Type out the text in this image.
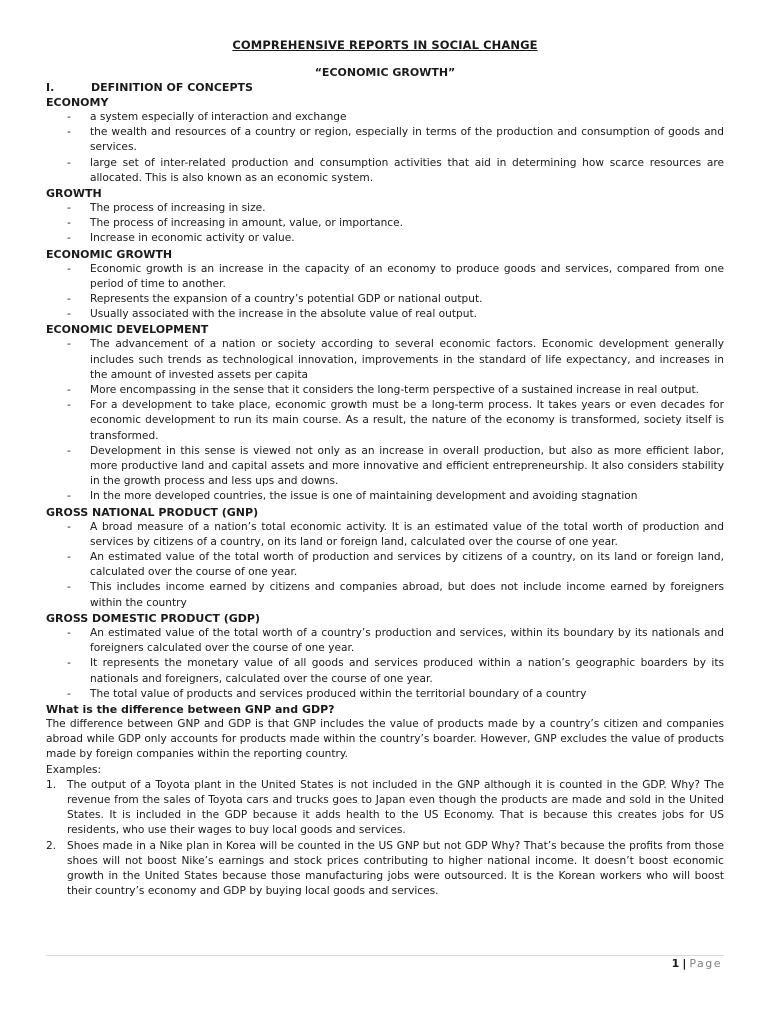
COMPREHENSIVE REPORTS IN SOCIAL CHANGE
“ECONOMIC GROWTH”
I.	DEFINITION OF CONCEPTS
ECONOMY
- a system especially of interaction and exchange
- the wealth and resources of a country or region, especially in terms of the production and consumption of goods and services.
- large set of inter-related production and consumption activities that aid in determining how scarce resources are allocated. This is also known as an economic system.
GROWTH
- The process of increasing in size.
- The process of increasing in amount, value, or importance.
- Increase in economic activity or value.
ECONOMIC GROWTH
- Economic growth is an increase in the capacity of an economy to produce goods and services, compared from one period of time to another.
- Represents the expansion of a country’s potential GDP or national output.
- Usually associated with the increase in the absolute value of real output.
ECONOMIC DEVELOPMENT
- The advancement of a nation or society according to several economic factors. Economic development generally includes such trends as technological innovation, improvements in the standard of life expectancy, and increases in the amount of invested assets per capita
- More encompassing in the sense that it considers the long-term perspective of a sustained increase in real output.
- For a development to take place, economic growth must be a long-term process. It takes years or even decades for economic development to run its main course. As a result, the nature of the economy is transformed, society itself is transformed.
- Development in this sense is viewed not only as an increase in overall production, but also as more efficient labor, more productive land and capital assets and more innovative and efficient entrepreneurship. It also considers stability in the growth process and less ups and downs.
- In the more developed countries, the issue is one of maintaining development and avoiding stagnation
GROSS NATIONAL PRODUCT (GNP)
- A broad measure of a nation’s total economic activity. It is an estimated value of the total worth of production and services by citizens of a country, on its land or foreign land, calculated over the course of one year.
- An estimated value of the total worth of production and services by citizens of a country, on its land or foreign land, calculated over the course of one year.
- This includes income earned by citizens and companies abroad, but does not include income earned by foreigners within the country
GROSS DOMESTIC PRODUCT (GDP)
- An estimated value of the total worth of a country’s production and services, within its boundary by its nationals and foreigners calculated over the course of one year.
- It represents the monetary value of all goods and services produced within a nation’s geographic boarders by its nationals and foreigners, calculated over the course of one year.
- The total value of products and services produced within the territorial boundary of a country
What is the difference between GNP and GDP?

The difference between GNP and GDP is that GNP includes the value of products made by a country’s citizen and companies abroad while GDP only accounts for products made within the country’s boarder. However, GNP excludes the value of products made by foreign companies within the reporting country.

Examples:

1. The output of a Toyota plant in the United States is not included in the GNP although it is counted in the GDP. Why? The revenue from the sales of Toyota cars and trucks goes to Japan even though the products are made and sold in the United States. It is included in the GDP because it adds health to the US Economy. That is because this creates jobs for US residents, who use their wages to buy local goods and services.
2. Shoes made in a Nike plan in Korea will be counted in the US GNP but not GDP Why? That’s because the profits from those shoes will not boost Nike’s earnings and stock prices contributing to higher national income. It doesn’t boost economic growth in the United States because those manufacturing jobs were outsourced. It is the Korean workers who will boost their country’s economy and GDP by buying local goods and services.
1 | Page
